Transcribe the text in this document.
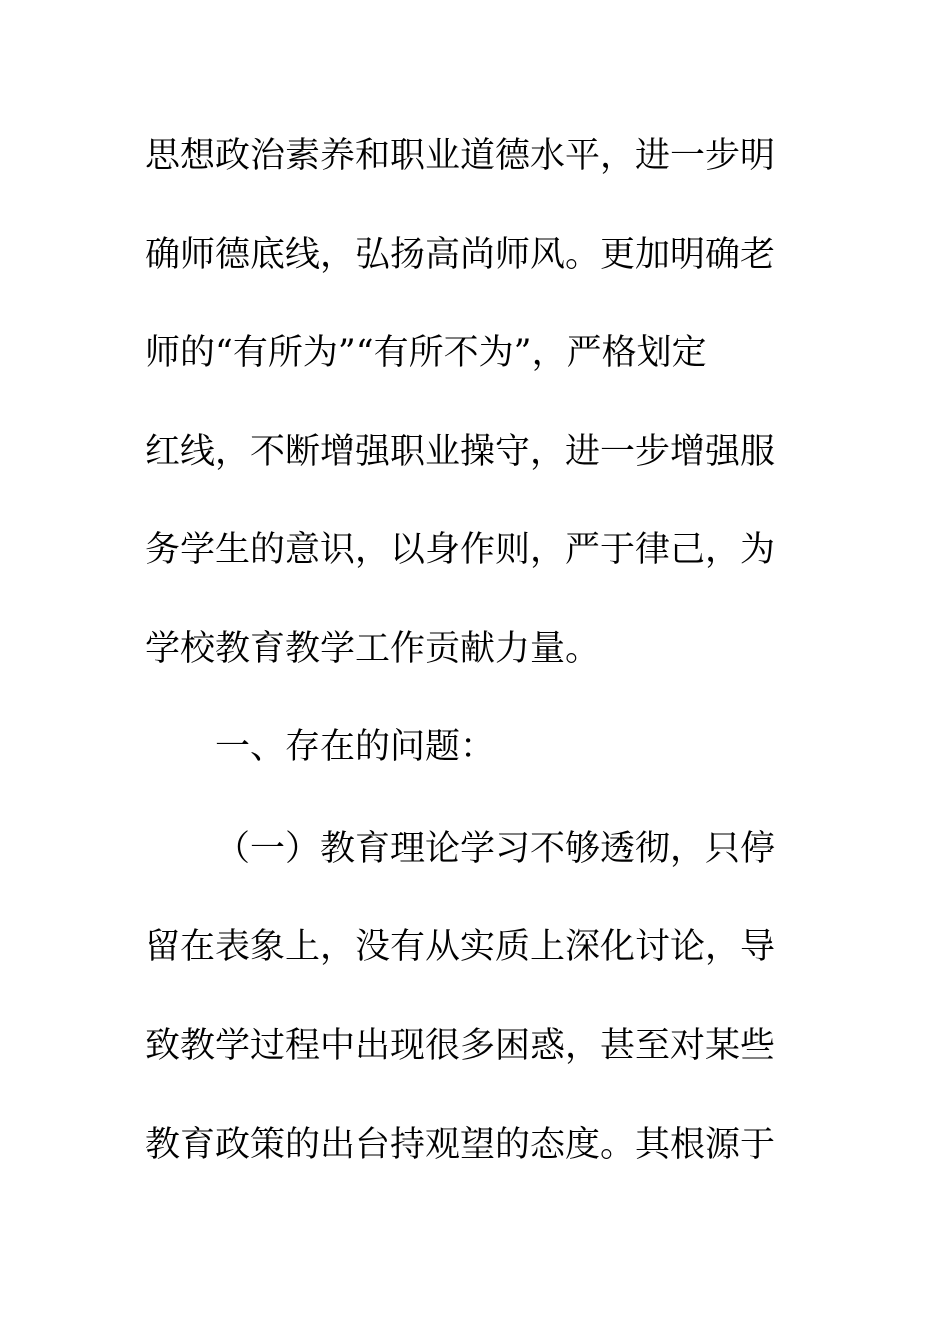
思想政治素养和职业道德水平，进一步明
确师德底线，弘扬高尚师风。更加明确老
师的“有所为”“有所不为”，严格划定
红线，不断增强职业操守，进一步增强服
务学生的意识，以身作则，严于律己，为
学校教育教学工作贡献力量。
一、存在的问题：
（一）教育理论学习不够透彻，只停
留在表象上，没有从实质上深化讨论，导
致教学过程中出现很多困惑，甚至对某些
教育政策的出台持观望的态度。其根源于
